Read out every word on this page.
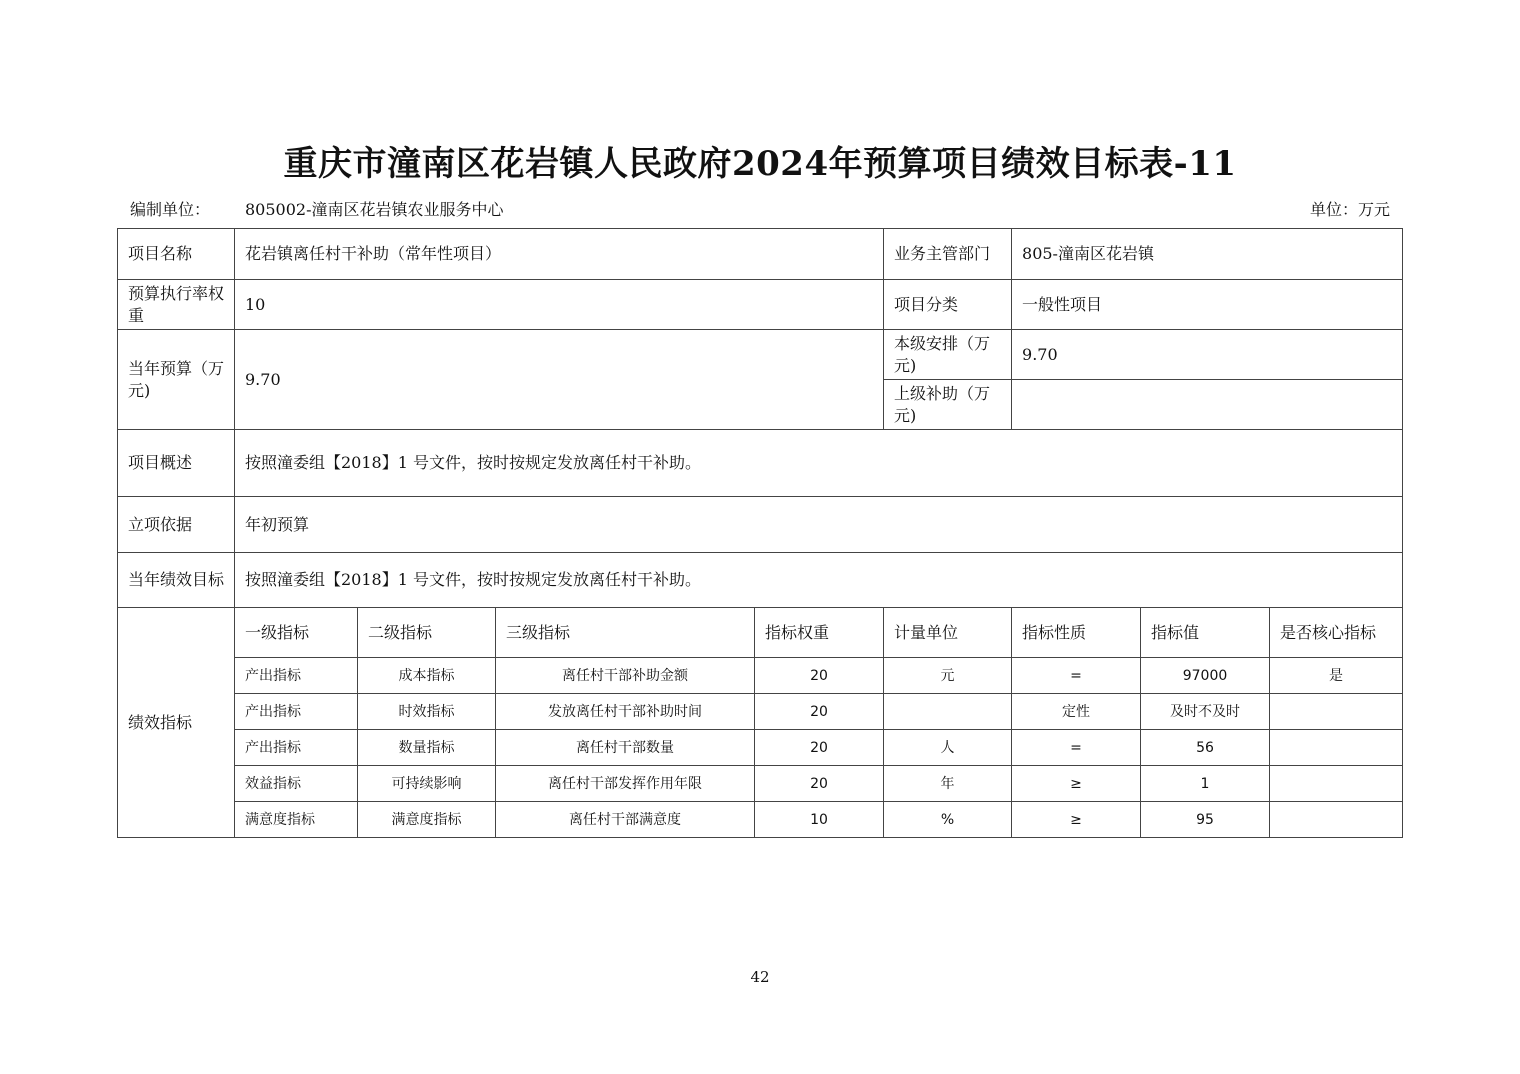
重庆市潼南区花岩镇人民政府2024年预算项目绩效目标表-11
编制单位： 805002-潼南区花岩镇农业服务中心	单位：万元
项目名称	花岩镇离任村干补助（常年性项目）				业务主管部门	805-潼南区花岩镇		
预算执行率权重	10				项目分类	一般性项目		
当年预算（万元)	9.70				本级安排（万元)	9.70		
					上级补助（万元)			
项目概述	按照潼委组【2018】1 号文件，按时按规定发放离任村干补助。							
立项依据	年初预算							
当年绩效目标	按照潼委组【2018】1 号文件，按时按规定发放离任村干补助。							
绩效指标	一级指标	二级指标	三级指标	指标权重	计量单位	指标性质	指标值	是否核心指标
	产出指标	成本指标	离任村干部补助金额	20	元	=	97000	是
	产出指标	时效指标	发放离任村干部补助时间	20		定性	及时不及时	
	产出指标	数量指标	离任村干部数量	20	人	=	56	
	效益指标	可持续影响	离任村干部发挥作用年限	20	年	≥	1	
	满意度指标	满意度指标	离任村干部满意度	10	%	≥	95	
42
